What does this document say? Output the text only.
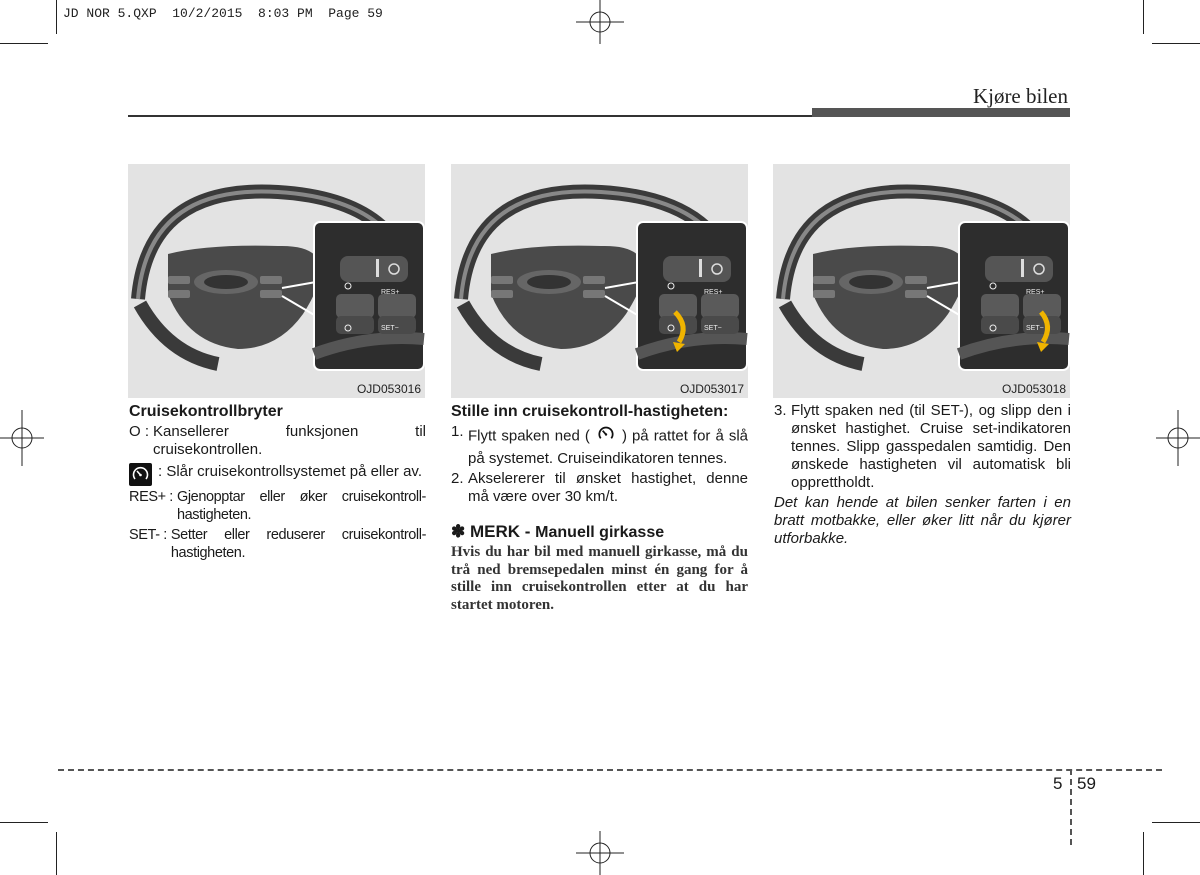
JD NOR 5.QXP  10/2/2015  8:03 PM  Page 59
Kjøre bilen
RES+
SET−
OJD053016
RES+
SET−
OJD053017
RES+
SET−
OJD053018
Cruisekontrollbryter
O : Kansellerer funksjonen til cruisekontrollen.
: Slår cruisekontrollsystemet på eller av.
RES+ : Gjenopptar eller øker cruisekontroll-hastigheten.
SET- : Setter eller reduserer cruisekontroll-hastigheten.
Stille inn cruisekontroll-hastigheten:
1. Flytt spaken ned ( ) på rattet for å slå på systemet. Cruiseindikatoren tennes.
2. Akselererer til ønsket hastighet, denne må være over 30 km/t.
✽ MERK - Manuell girkasse
Hvis du har bil med manuell girkasse, må du trå ned bremsepedalen minst én gang for å stille inn cruisekontrollen etter at du har startet motoren.
3. Flytt spaken ned (til SET-), og slipp den i ønsket hastighet. Cruise set-indikatoren tennes. Slipp gasspedalen samtidig. Den ønskede hastigheten vil automatisk bli opprettholdt.
Det kan hende at bilen senker farten i en bratt motbakke, eller øker litt når du kjører utforbakke.
5 59
